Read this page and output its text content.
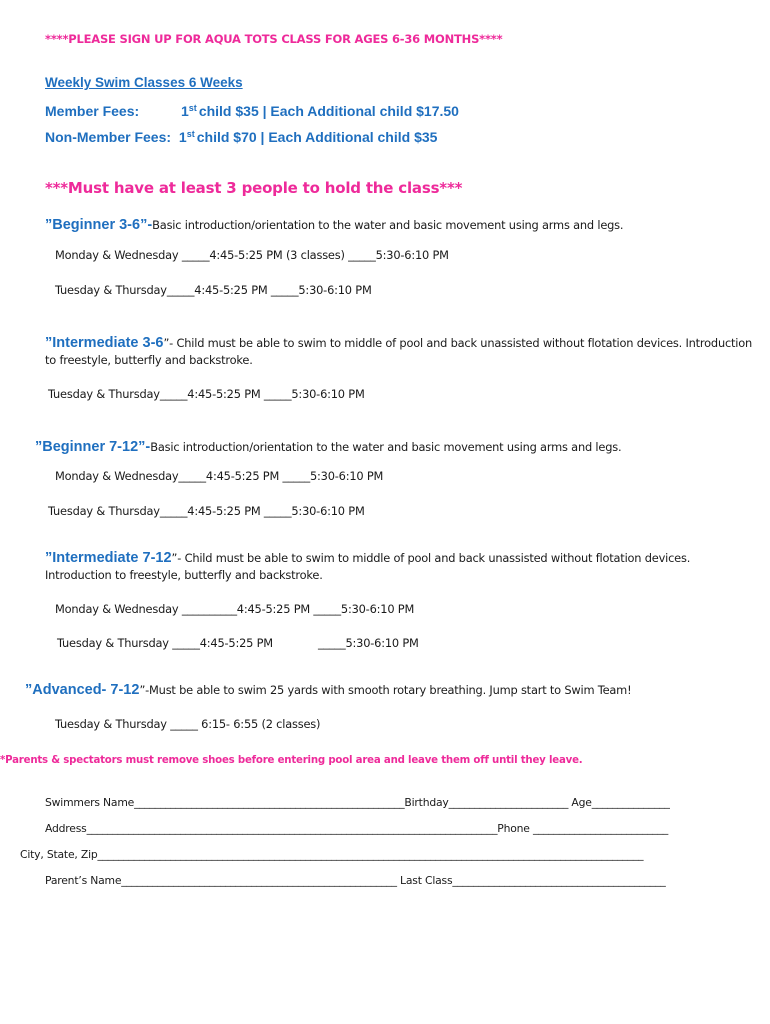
****PLEASE SIGN UP FOR AQUA TOTS CLASS FOR AGES 6-36 MONTHS****
Weekly Swim Classes 6 Weeks
Member Fees:	1st child $35 | Each Additional child $17.50
Non-Member Fees: 1st child $70 | Each Additional child $35
***Must have at least 3 people to hold the class***
”Beginner 3-6”-Basic introduction/orientation to the water and basic movement using arms and legs.
Monday & Wednesday _____4:45-5:25 PM (3 classes) _____5:30-6:10 PM
Tuesday & Thursday_____4:45-5:25 PM _____5:30-6:10 PM
”Intermediate 3-6”- Child must be able to swim to middle of pool and back unassisted without flotation devices. Introduction
to freestyle, butterfly and backstroke.
Tuesday & Thursday_____4:45-5:25 PM _____5:30-6:10 PM
”Beginner 7-12”-Basic introduction/orientation to the water and basic movement using arms and legs.
Monday & Wednesday_____4:45-5:25 PM _____5:30-6:10 PM
Tuesday & Thursday_____4:45-5:25 PM _____5:30-6:10 PM
”Intermediate 7-12”- Child must be able to swim to middle of pool and back unassisted without flotation devices.
Introduction to freestyle, butterfly and backstroke.
Monday & Wednesday __________4:45-5:25 PM _____5:30-6:10 PM
Tuesday & Thursday _____4:45-5:25 PM	_____5:30-6:10 PM
”Advanced- 7-12”-Must be able to swim 25 yards with smooth rotary breathing. Jump start to Swim Team!
Tuesday & Thursday _____ 6:15- 6:55 (2 classes)
*Parents & spectators must remove shoes before entering pool area and leave them off until they leave.
Swimmers Name____________________________________________________Birthday_______________________ Age_______________
Address_______________________________________________________________________________Phone __________________________
City, State, Zip_________________________________________________________________________________________________________
Parent’s Name_____________________________________________________ Last Class_________________________________________
